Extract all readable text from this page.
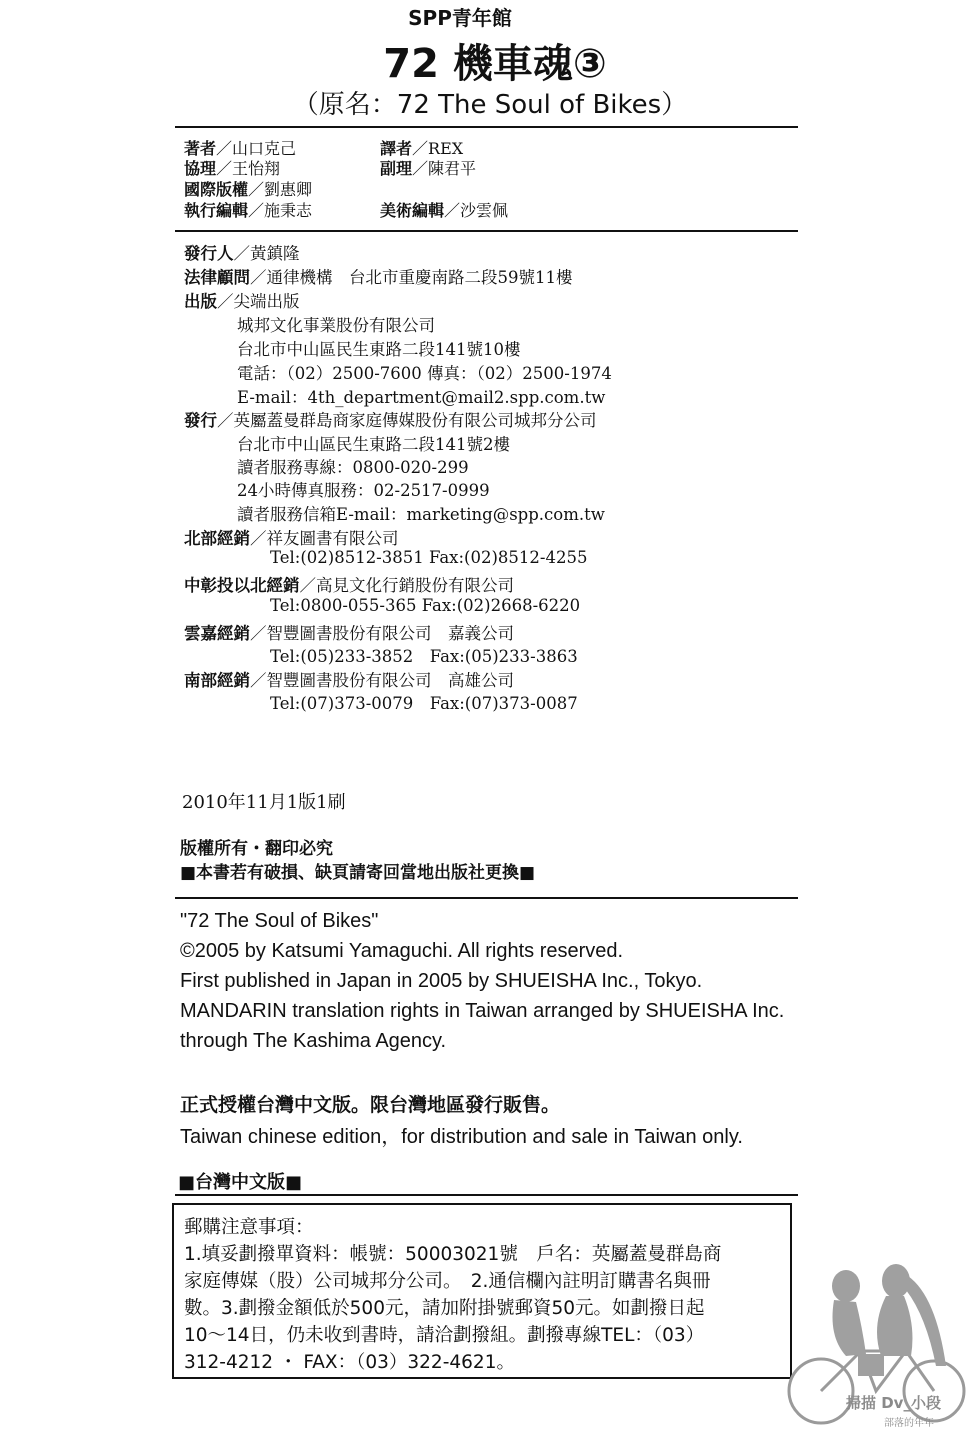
SPP青年館
72 機車魂③
（原名：72 The Soul of Bikes）
著者／山口克己	譯者／REX
協理／王怡翔	副理／陳君平
國際版權／劉惠卿
執行編輯／施秉志	美術編輯／沙雲佩
發行人／黃鎮隆
法律顧問／通律機構　台北市重慶南路二段59號11樓
出版／尖端出版
城邦文化事業股份有限公司
台北市中山區民生東路二段141號10樓
電話：（02）2500-7600 傳真：（02）2500-1974
E-mail：4th_department@mail2.spp.com.tw
發行／英屬蓋曼群島商家庭傳媒股份有限公司城邦分公司
台北市中山區民生東路二段141號2樓
讀者服務專線：0800-020-299
24小時傳真服務：02-2517-0999
讀者服務信箱E-mail：marketing@spp.com.tw
北部經銷／祥友圖書有限公司
Tel:(02)8512-3851 Fax:(02)8512-4255
中彰投以北經銷／高見文化行銷股份有限公司
Tel:0800-055-365 Fax:(02)2668-6220
雲嘉經銷／智豐圖書股份有限公司　嘉義公司
Tel:(05)233-3852　Fax:(05)233-3863
南部經銷／智豐圖書股份有限公司　高雄公司
Tel:(07)373-0079　Fax:(07)373-0087
2010年11月1版1刷
版權所有・翻印必究
■本書若有破損、缺頁請寄回當地出版社更換■
"72 The Soul of Bikes"
©2005 by Katsumi Yamaguchi. All rights reserved.
First published in Japan in 2005 by SHUEISHA Inc., Tokyo.
MANDARIN translation rights in Taiwan arranged by SHUEISHA Inc.
through The Kashima Agency.
正式授權台灣中文版。限台灣地區發行販售。
Taiwan chinese edition，for distribution and sale in Taiwan only.
■台灣中文版■
郵購注意事項：
1.填妥劃撥單資料：帳號：50003021號　戶名：英屬蓋曼群島商
家庭傳媒（股）公司城邦分公司。　2.通信欄內註明訂購書名與冊
數。3.劃撥金額低於500元，請加附掛號郵資50元。如劃撥日起
10～14日，仍未收到書時，請洽劃撥組。劃撥專線TEL：（03）
312-4212 ・ FAX：（03）322-4621。
掃描 Dv_小段
部落的年年
